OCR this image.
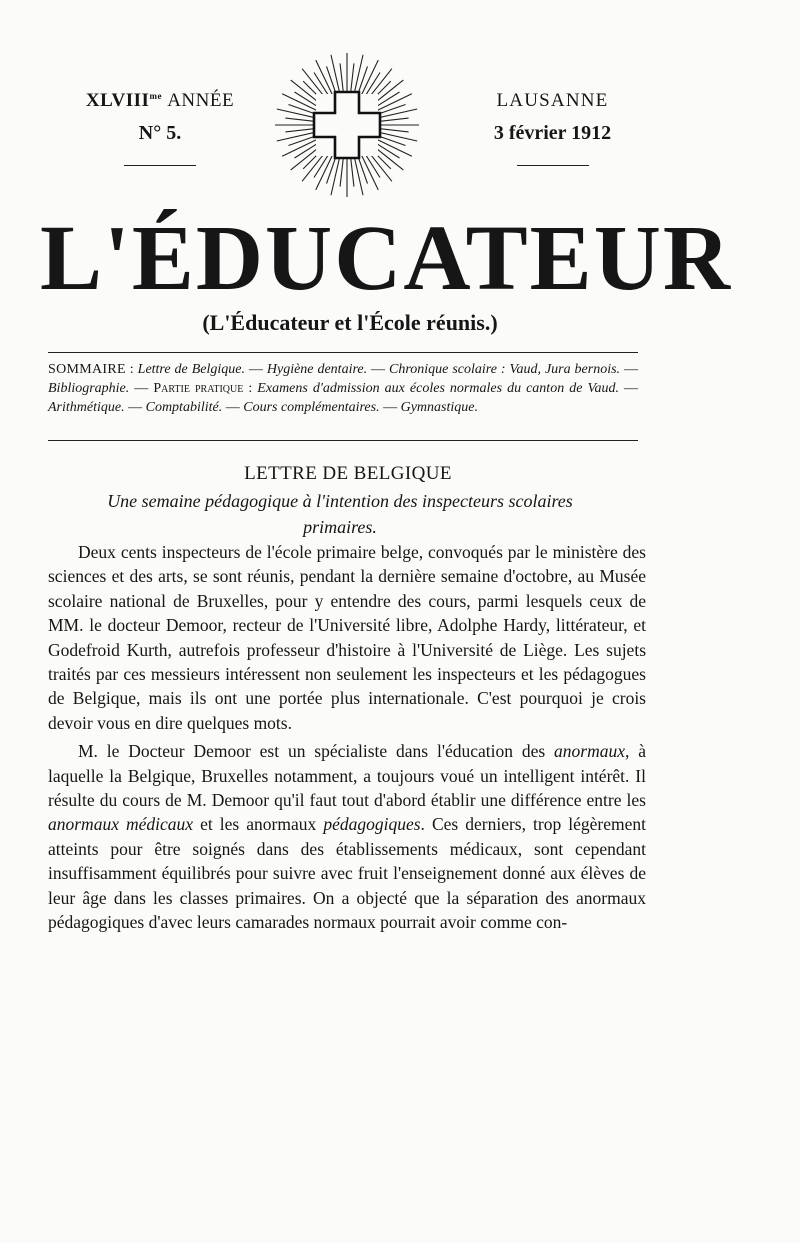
$XLVIII^{me}$ ANNÉE
N° 5.
LAUSANNE
3 février 1912
L'ÉDUCATEUR
(L'Éducateur et l'École réunis.)
SOMMAIRE : Lettre de Belgique. — Hygiène dentaire. — Chronique scolaire : Vaud, Jura bernois. — Bibliographie. — Partie pratique : Examens d'admission aux écoles normales du canton de Vaud. — Arithmétique. — Comptabilité. — Cours complémentaires. — Gymnastique.
LETTRE DE BELGIQUE
Une semaine pédagogique à l'intention des inspecteurs scolaires primaires.

Deux cents inspecteurs de l'école primaire belge, convoqués par le ministère des sciences et des arts, se sont réunis, pendant la dernière semaine d'octobre, au Musée scolaire national de Bruxelles, pour y entendre des cours, parmi lesquels ceux de MM. le docteur Demoor, recteur de l'Université libre, Adolphe Hardy, littérateur, et Godefroid Kurth, autrefois professeur d'histoire à l'Université de Liège. Les sujets traités par ces messieurs intéressent non seulement les inspecteurs et les pédagogues de Belgique, mais ils ont une portée plus internationale. C'est pourquoi je crois devoir vous en dire quelques mots.

M. le Docteur Demoor est un spécialiste dans l'éducation des anormaux, à laquelle la Belgique, Bruxelles notamment, a toujours voué un intelligent intérêt. Il résulte du cours de M. Demoor qu'il faut tout d'abord établir une différence entre les anormaux médicaux et les anormaux pédagogiques. Ces derniers, trop légèrement atteints pour être soignés dans des établissements médicaux, sont cependant insuffisamment équilibrés pour suivre avec fruit l'enseignement donné aux élèves de leur âge dans les classes primaires. On a objecté que la séparation des anormaux pédagogiques d'avec leurs camarades normaux pourrait avoir comme con-
